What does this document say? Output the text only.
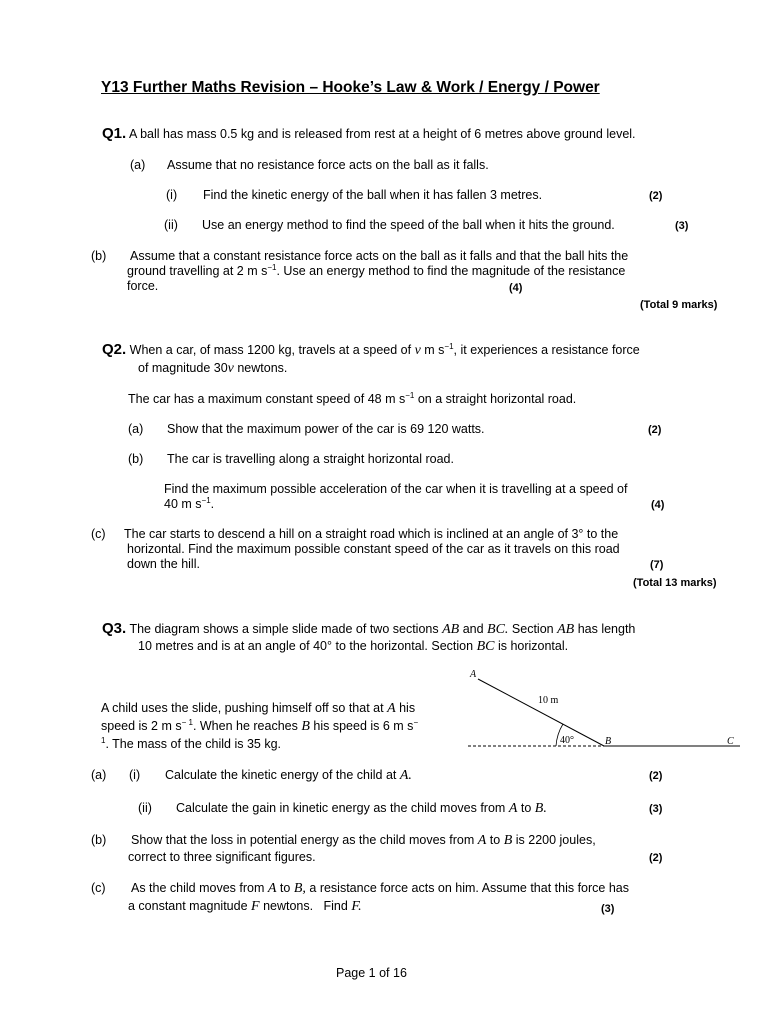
Y13 Further Maths Revision – Hooke’s Law & Work / Energy / Power
Q1. A ball has mass 0.5 kg and is released from rest at a height of 6 metres above ground level.
(a) Assume that no resistance force acts on the ball as it falls.
(i) Find the kinetic energy of the ball when it has fallen 3 metres.	(2)
(ii) Use an energy method to find the speed of the ball when it hits the ground.	(3)
(b) Assume that a constant resistance force acts on the ball as it falls and that the ball hits the
ground travelling at 2 m $s^{-1}$. Use an energy method to find the magnitude of the resistance
force.	(4)
(Total 9 marks)
Q2. When a car, of mass 1200 kg, travels at a speed of v m $s^{-1}$, it experiences a resistance force
of magnitude 30v newtons.
The car has a maximum constant speed of 48 m $s^{-1}$ on a straight horizontal road.
(a) Show that the maximum power of the car is 69 120 watts.	(2)
(b) The car is travelling along a straight horizontal road.
Find the maximum possible acceleration of the car when it is travelling at a speed of
40 m $s^{-1}$.	(4)
(c) The car starts to descend a hill on a straight road which is inclined at an angle of 3° to the
horizontal. Find the maximum possible constant speed of the car as it travels on this road
down the hill.	(7)
(Total 13 marks)
Q3. The diagram shows a simple slide made of two sections AB and BC. Section AB has length
10 metres and is at an angle of 40° to the horizontal. Section BC is horizontal.
A child uses the slide, pushing himself off so that at A his
speed is 2 m $s^{- 1}$. When he reaches B his speed is 6 m s−
$^1$. The mass of the child is 35 kg.
A
10 m
40°	B	C
(a) (i) Calculate the kinetic energy of the child at A.	(2)
(ii) Calculate the gain in kinetic energy as the child moves from A to B.	(3)
(b) Show that the loss in potential energy as the child moves from A to B is 2200 joules,
correct to three significant figures.	(2)
(c) As the child moves from A to B, a resistance force acts on him. Assume that this force has
a constant magnitude F newtons. Find F.	(3)
Page 1 of 16
